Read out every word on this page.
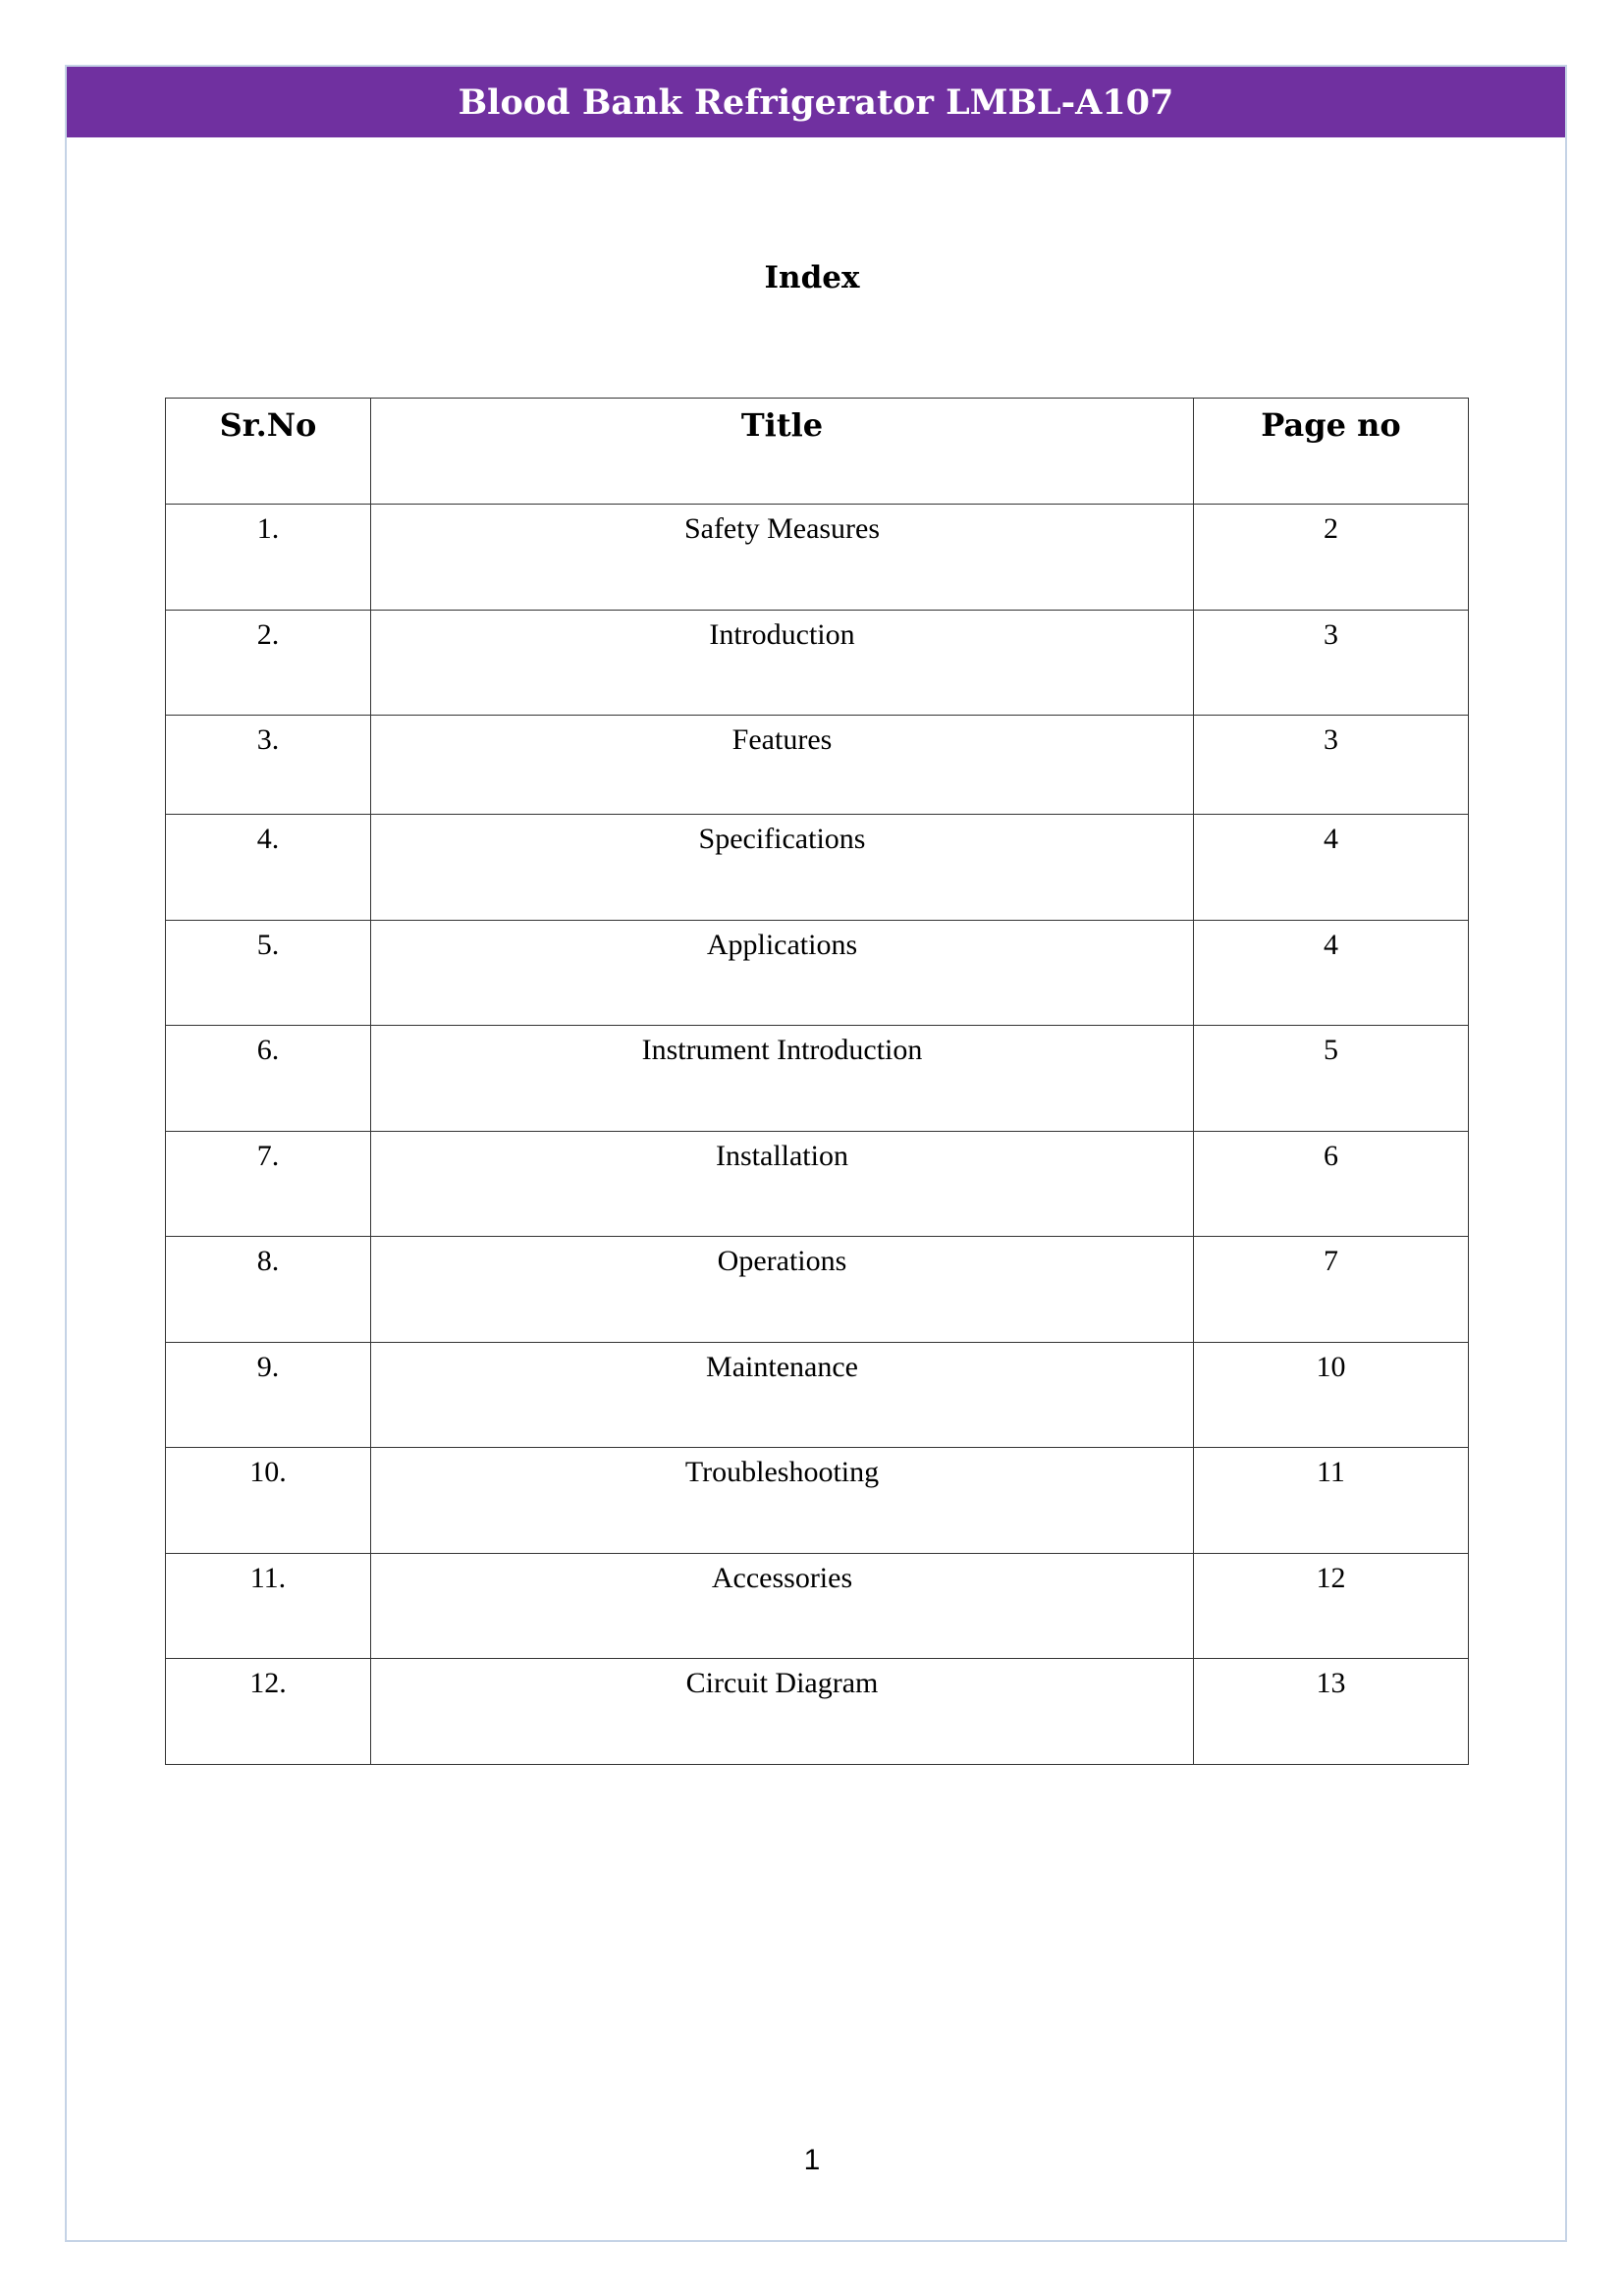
Blood Bank Refrigerator LMBL-A107
Index
Sr.No	Title	Page no
1.	Safety Measures	2
2.	Introduction	3
3.	Features	3
4.	Specifications	4
5.	Applications	4
6.	Instrument Introduction	5
7.	Installation	6
8.	Operations	7
9.	Maintenance	10
10.	Troubleshooting	11
11.	Accessories	12
12.	Circuit Diagram	13
1
